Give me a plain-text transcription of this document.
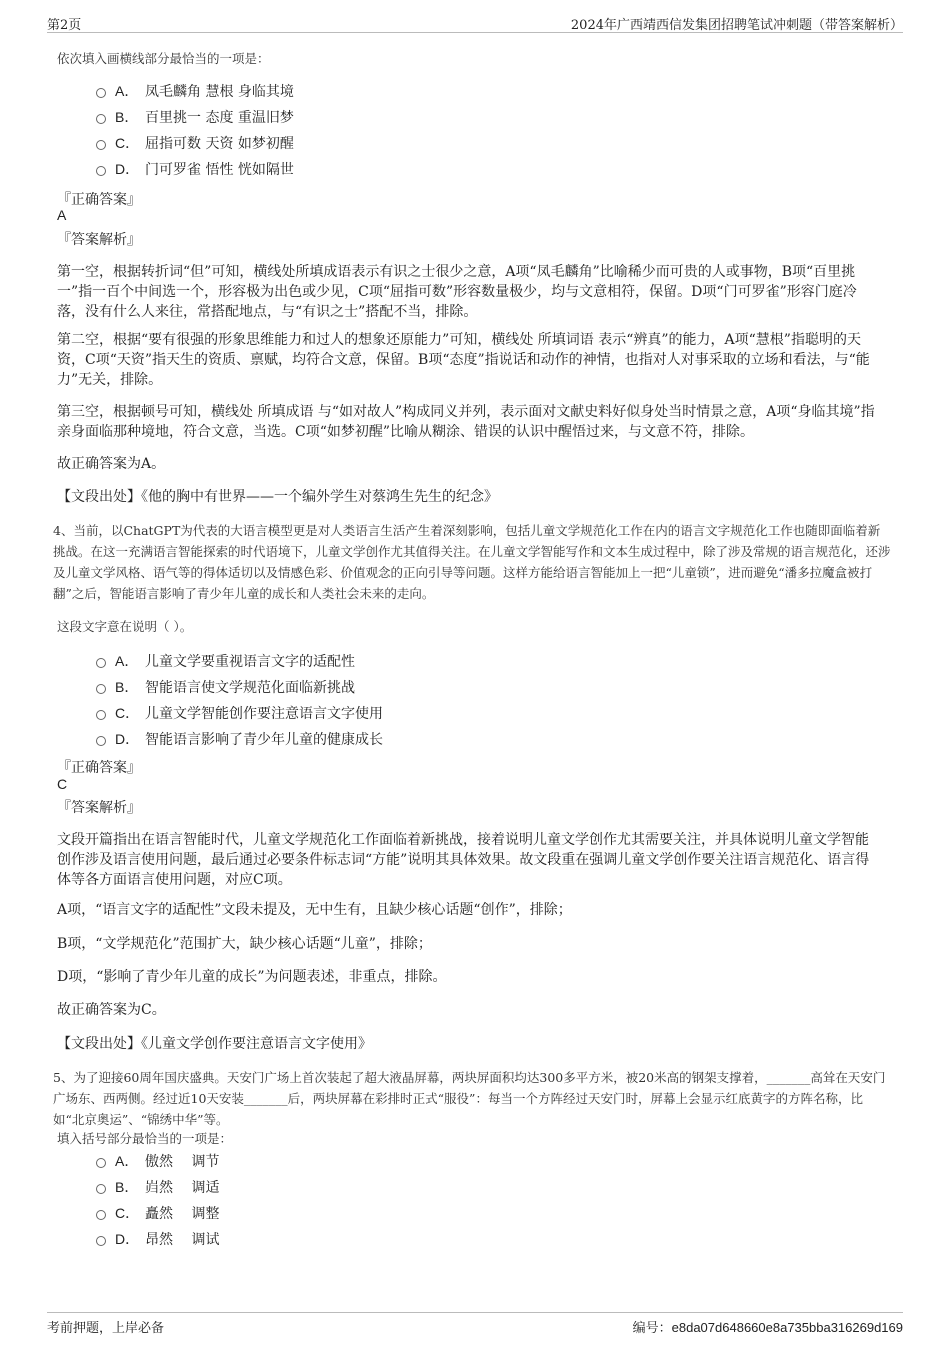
第2页	2024年广西靖西信发集团招聘笔试冲刺题（带答案解析）
依次填入画横线部分最恰当的一项是：
A． 凤毛麟角 慧根 身临其境
B． 百里挑一 态度 重温旧梦
C． 屈指可数 天资 如梦初醒
D． 门可罗雀 悟性 恍如隔世
『正确答案』
A
『答案解析』
第一空，根据转折词“但”可知，横线处所填成语表示有识之士很少之意，A项“凤毛麟角”比喻稀少而可贵的人或事物，B项“百里挑一”指一百个中间选一个，形容极为出色或少见，C项“屈指可数”形容数量极少，均与文意相符，保留。D项“门可罗雀”形容门庭冷落，没有什么人来往，常搭配地点，与“有识之士”搭配不当，排除。
第二空，根据“要有很强的形象思维能力和过人的想象还原能力”可知，横线处 所填词语 表示“辨真”的能力，A项“慧根”指聪明的天资，C项“天资”指天生的资质、禀赋，均符合文意，保留。B项“态度”指说话和动作的神情，也指对人对事采取的立场和看法，与“能力”无关，排除。
第三空，根据顿号可知，横线处 所填成语 与“如对故人”构成同义并列，表示面对文献史料好似身处当时情景之意，A项“身临其境”指亲身面临那种境地，符合文意，当选。C项“如梦初醒”比喻从糊涂、错误的认识中醒悟过来，与文意不符，排除。
故正确答案为A。
【文段出处】《他的胸中有世界——一个编外学生对蔡鸿生先生的纪念》
4、当前，以ChatGPT为代表的大语言模型更是对人类语言生活产生着深刻影响，包括儿童文学规范化工作在内的语言文字规范化工作也随即面临着新挑战。在这一充满语言智能探索的时代语境下，儿童文学创作尤其值得关注。在儿童文学智能写作和文本生成过程中，除了涉及常规的语言规范化，还涉及儿童文学风格、语气等的得体适切以及情感色彩、价值观念的正向引导等问题。这样方能给语言智能加上一把“儿童锁”，进而避免“潘多拉魔盒被打翻”之后，智能语言影响了青少年儿童的成长和人类社会未来的走向。
这段文字意在说明（ ）。
A． 儿童文学要重视语言文字的适配性
B． 智能语言使文学规范化面临新挑战
C． 儿童文学智能创作要注意语言文字使用
D． 智能语言影响了青少年儿童的健康成长
『正确答案』
C
『答案解析』
文段开篇指出在语言智能时代，儿童文学规范化工作面临着新挑战，接着说明儿童文学创作尤其需要关注，并具体说明儿童文学智能创作涉及语言使用问题，最后通过必要条件标志词“方能”说明其具体效果。故文段重在强调儿童文学创作要关注语言规范化、语言得体等各方面语言使用问题，对应C项。
A项，“语言文字的适配性”文段未提及，无中生有，且缺少核心话题“创作”，排除；
B项，“文学规范化”范围扩大，缺少核心话题“儿童”，排除；
D项，“影响了青少年儿童的成长”为问题表述，非重点，排除。
故正确答案为C。
【文段出处】《儿童文学创作要注意语言文字使用》
5、为了迎接60周年国庆盛典。天安门广场上首次装起了超大液晶屏幕，两块屏面积均达300多平方米，被20米高的钢架支撑着，_______高耸在天安门广场东、西两侧。经过近10天安装_______后，两块屏幕在彩排时正式“服役”：每当一个方阵经过天安门时，屏幕上会显示红底黄字的方阵名称，比如“北京奥运”、“锦绣中华”等。
填入括号部分最恰当的一项是：
A． 傲然　 调节
B． 岿然　 调适
C． 矗然　 调整
D． 昂然　 调试
考前押题，上岸必备	编号：e8da07d648660e8a735bba316269d169
